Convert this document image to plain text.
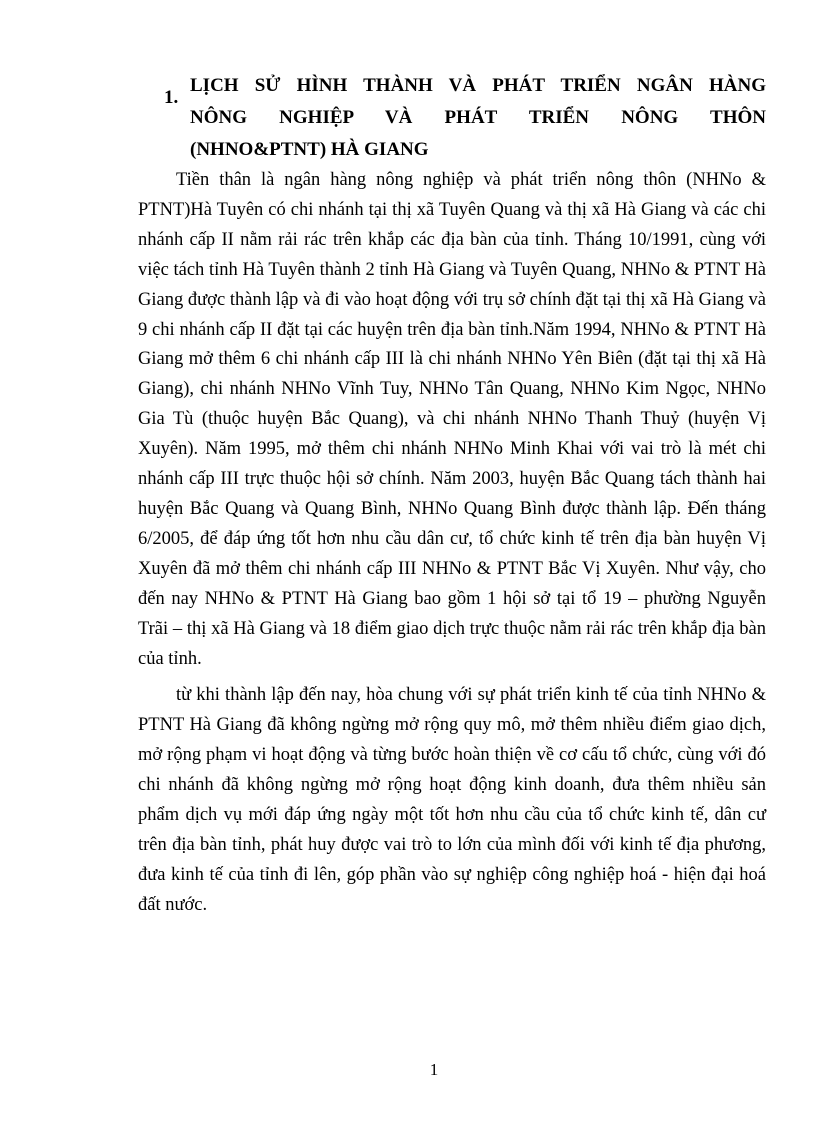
1.
LỊCH SỬ HÌNH THÀNH VÀ PHÁT TRIỂN NGÂN HÀNG
NÔNG NGHIỆP VÀ PHÁT TRIỂN NÔNG THÔN
(NHNO&PTNT) HÀ GIANG

Tiền thân là ngân hàng nông nghiệp và phát triển nông thôn (NHNo & PTNT)Hà Tuyên có chi nhánh tại thị xã Tuyên Quang và thị xã Hà Giang và các chi nhánh cấp II nằm rải rác trên khắp các địa bàn của tỉnh. Tháng 10/1991, cùng với việc tách tỉnh Hà Tuyên thành 2 tỉnh Hà Giang và Tuyên Quang, NHNo & PTNT Hà Giang được thành lập và đi vào hoạt động với trụ sở chính đặt tại thị xã Hà Giang và 9 chi nhánh cấp II đặt tại các huyện trên địa bàn tỉnh.Năm 1994, NHNo & PTNT Hà Giang mở thêm 6 chi nhánh cấp III là chi nhánh NHNo Yên Biên (đặt tại thị xã Hà Giang), chi nhánh NHNo Vĩnh Tuy, NHNo Tân Quang, NHNo Kim Ngọc, NHNo Gia Tù (thuộc huyện Bắc Quang), và chi nhánh NHNo Thanh Thuỷ (huyện Vị Xuyên). Năm 1995, mở thêm chi nhánh NHNo Minh Khai với vai trò là mét chi nhánh cấp III trực thuộc hội sở chính. Năm 2003, huyện Bắc Quang tách thành hai huyện Bắc Quang và Quang Bình, NHNo Quang Bình được thành lập. Đến tháng 6/2005, để đáp ứng tốt hơn nhu cầu dân cư, tổ chức kinh tế trên địa bàn huyện Vị Xuyên đã mở thêm chi nhánh cấp III NHNo & PTNT Bắc Vị Xuyên. Như vậy, cho đến nay NHNo & PTNT Hà Giang bao gồm 1 hội sở tại tổ 19 – phường Nguyễn Trãi – thị xã Hà Giang và 18 điểm giao dịch trực thuộc nằm rải rác trên khắp địa bàn của tỉnh.

từ khi thành lập đến nay, hòa chung với sự phát triển kinh tế của tỉnh NHNo & PTNT Hà Giang đã không ngừng mở rộng quy mô, mở thêm nhiều điểm giao dịch, mở rộng phạm vi hoạt động và từng bước hoàn thiện về cơ cấu tổ chức, cùng với đó chi nhánh đã không ngừng mở rộng hoạt động kinh doanh, đưa thêm nhiều sản phẩm dịch vụ mới đáp ứng ngày một tốt hơn nhu cầu của tổ chức kinh tế, dân cư trên địa bàn tỉnh, phát huy được vai trò to lớn của mình đối với kinh tế địa phương, đưa kinh tế của tỉnh đi lên, góp phần vào sự nghiệp công nghiệp hoá - hiện đại hoá đất nước.

1
